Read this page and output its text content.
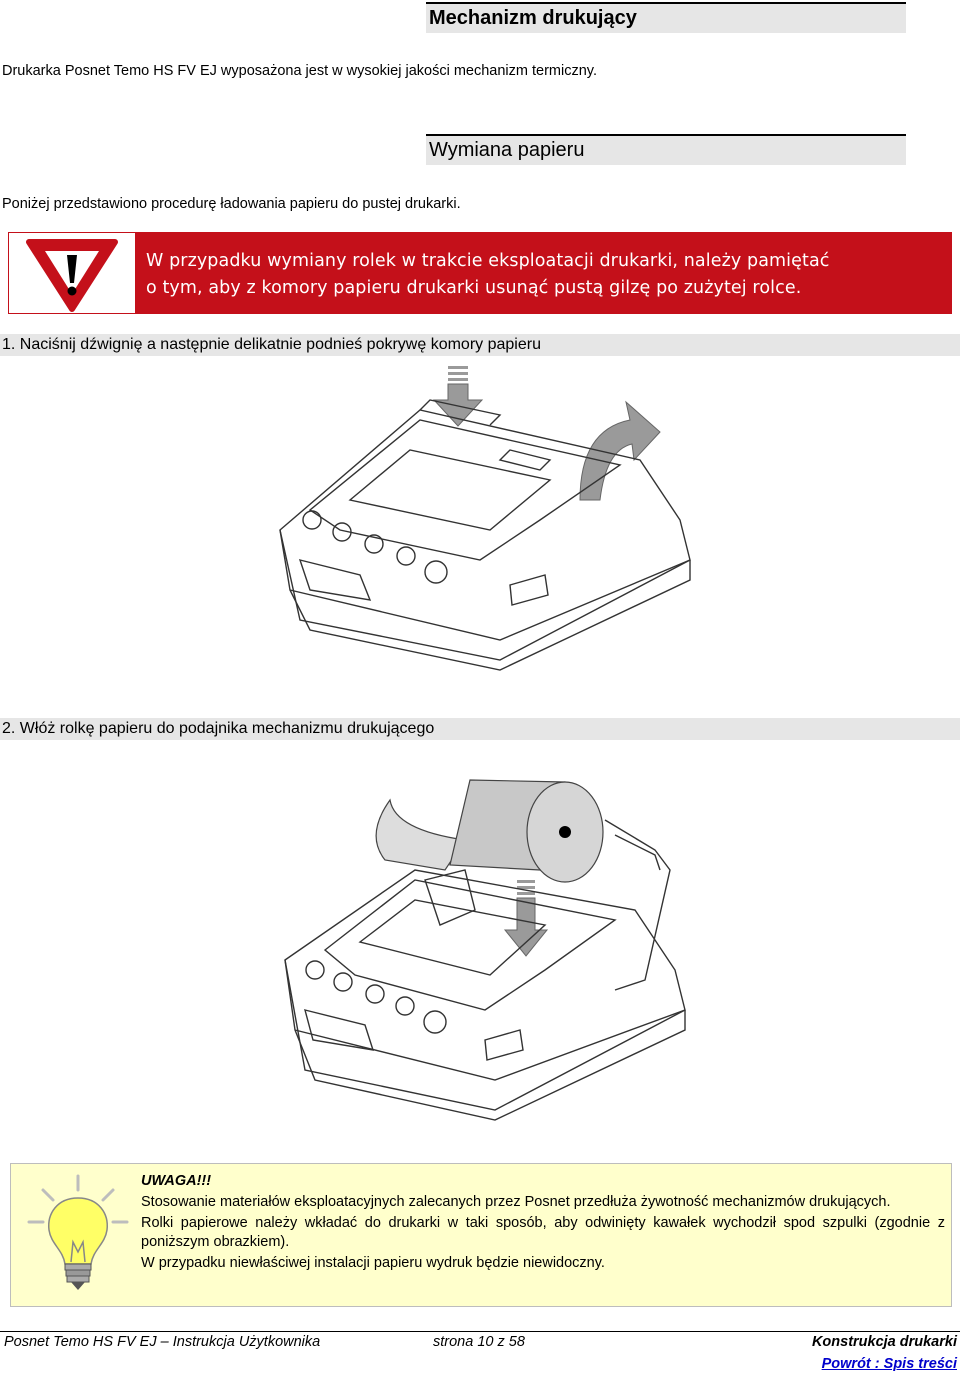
Mechanizm drukujący
Drukarka Posnet Temo HS FV EJ wyposażona jest w wysokiej jakości mechanizm termiczny.
Wymiana papieru
Poniżej przedstawiono procedurę ładowania papieru do pustej drukarki.
W przypadku wymiany rolek w trakcie eksploatacji drukarki, należy pamiętać
o tym, aby z komory papieru drukarki usunąć pustą gilzę po zużytej rolce.
1. Naciśnij dźwignię a następnie delikatnie podnieś pokrywę komory papieru
2. Włóż rolkę papieru do podajnika mechanizmu drukującego

UWAGA!!!

Stosowanie materiałów eksploatacyjnych zalecanych przez Posnet przedłuża żywotność mechanizmów drukujących.

Rolki papierowe należy wkładać do drukarki w taki sposób, aby odwinięty kawałek wychodził spod szpulki (zgodnie z poniższym obrazkiem).

W przypadku niewłaściwej instalacji papieru wydruk będzie niewidoczny.

Posnet Temo HS FV EJ – Instrukcja Użytkownika	strona 10 z 58	Konstrukcja drukarki
Powrót : Spis treści
